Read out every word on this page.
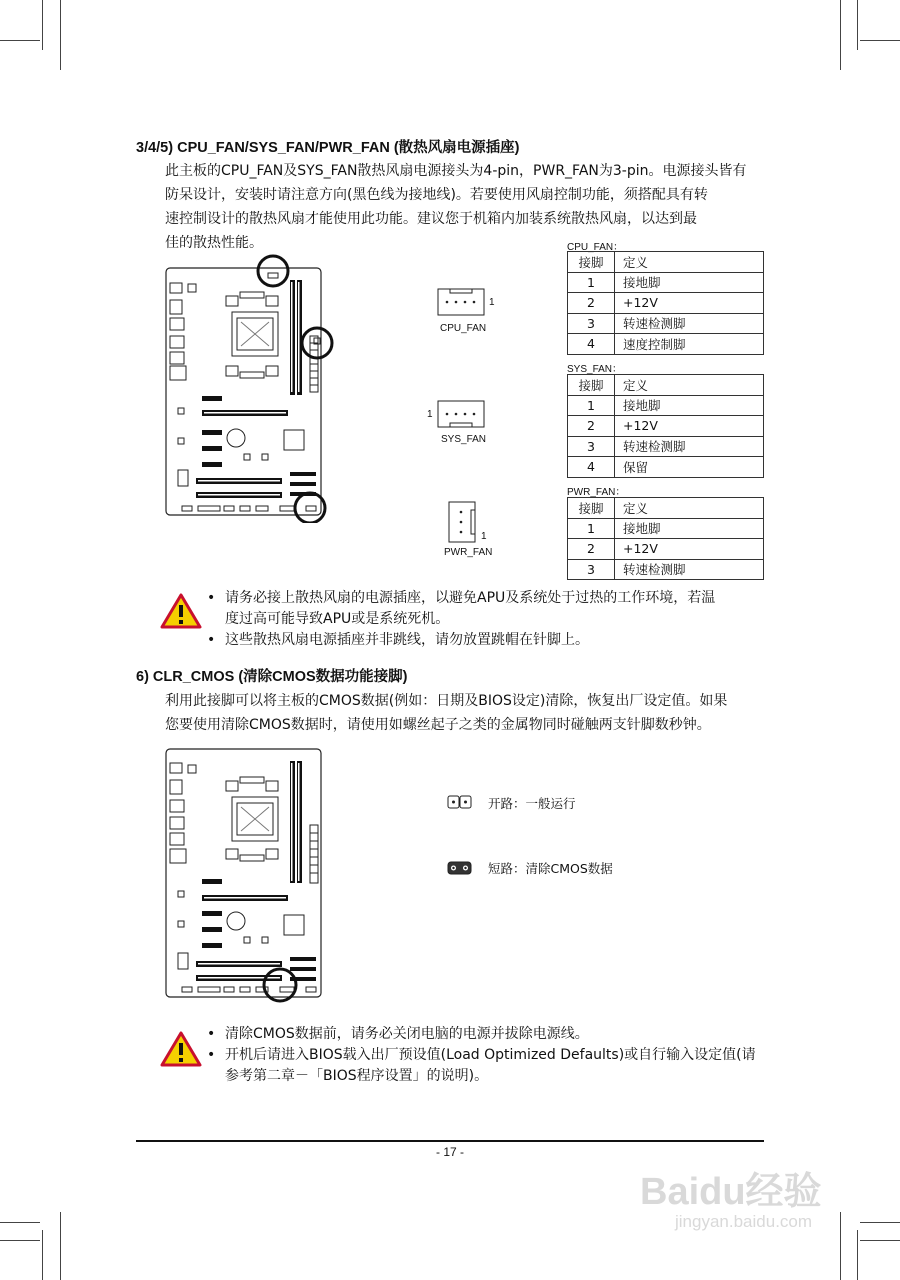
3/4/5) CPU_FAN/SYS_FAN/PWR_FAN (散热风扇电源插座)

此主板的CPU_FAN及SYS_FAN散热风扇电源接头为4-pin，PWR_FAN为3-pin。电源接头皆有

防呆设计，安装时请注意方向(黑色线为接地线)。若要使用风扇控制功能，须搭配具有转

速控制设计的散热风扇才能使用此功能。建议您于机箱内加装系统散热风扇，以达到最

佳的散热性能。

1
CPU_FAN
1
SYS_FAN
1
PWR_FAN
CPU_FAN：
接脚	定义
1	接地脚
2	+12V
3	转速检测脚
4	速度控制脚
SYS_FAN：
接脚	定义
1	接地脚
2	+12V
3	转速检测脚
4	保留
PWR_FAN：
接脚	定义
1	接地脚
2	+12V
3	转速检测脚
• 请务必接上散热风扇的电源插座，以避免APU及系统处于过热的工作环境，若温
度过高可能导致APU或是系统死机。
• 这些散热风扇电源插座并非跳线，请勿放置跳帽在针脚上。
6) CLR_CMOS (清除CMOS数据功能接脚)

利用此接脚可以将主板的CMOS数据(例如：日期及BIOS设定)清除，恢复出厂设定值。如果

您要使用清除CMOS数据时，请使用如螺丝起子之类的金属物同时碰触两支针脚数秒钟。

开路：一般运行
短路：清除CMOS数据
• 清除CMOS数据前，请务必关闭电脑的电源并拔除电源线。
• 开机后请进入BIOS载入出厂预设值(Load Optimized Defaults)或自行输入设定值(请
参考第二章－「BIOS程序设置」的说明)。
- 17 -
Baidu经验
jingyan.baidu.com
